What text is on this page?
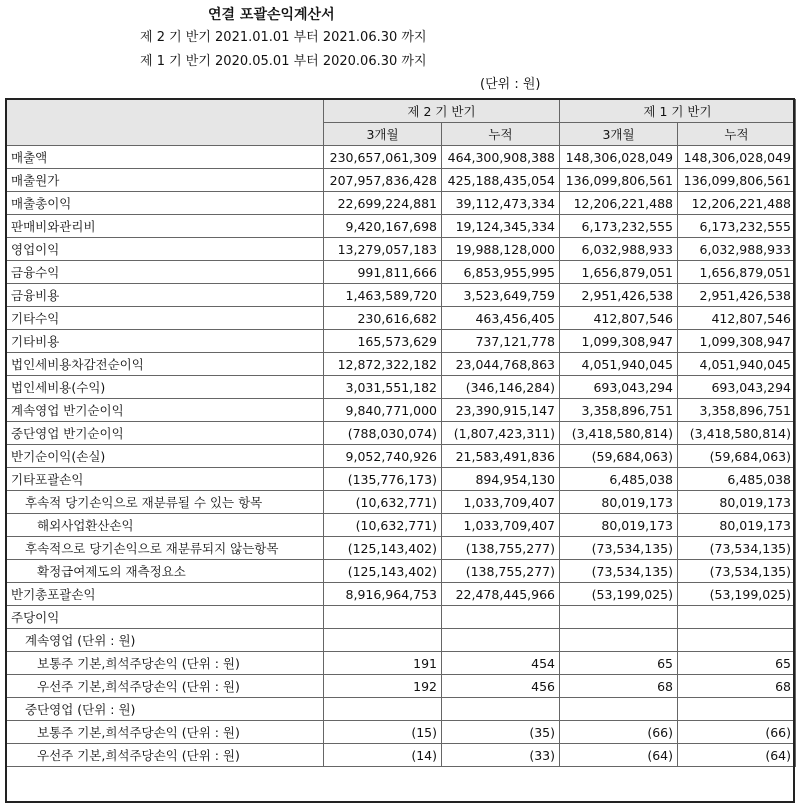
연결 포괄손익계산서
제 2 기 반기 2021.01.01 부터 2021.06.30 까지
제 1 기 반기 2020.05.01 부터 2020.06.30 까지
(단위 : 원)
	제 2 기 반기		제 1 기 반기	
	3개월	누적	3개월	누적
매출액	230,657,061,309	464,300,908,388	148,306,028,049	148,306,028,049
매출원가	207,957,836,428	425,188,435,054	136,099,806,561	136,099,806,561
매출총이익	22,699,224,881	39,112,473,334	12,206,221,488	12,206,221,488
판매비와관리비	9,420,167,698	19,124,345,334	6,173,232,555	6,173,232,555
영업이익	13,279,057,183	19,988,128,000	6,032,988,933	6,032,988,933
금융수익	991,811,666	6,853,955,995	1,656,879,051	1,656,879,051
금융비용	1,463,589,720	3,523,649,759	2,951,426,538	2,951,426,538
기타수익	230,616,682	463,456,405	412,807,546	412,807,546
기타비용	165,573,629	737,121,778	1,099,308,947	1,099,308,947
법인세비용차감전순이익	12,872,322,182	23,044,768,863	4,051,940,045	4,051,940,045
법인세비용(수익)	3,031,551,182	(346,146,284)	693,043,294	693,043,294
계속영업 반기순이익	9,840,771,000	23,390,915,147	3,358,896,751	3,358,896,751
중단영업 반기순이익	(788,030,074)	(1,807,423,311)	(3,418,580,814)	(3,418,580,814)
반기순이익(손실)	9,052,740,926	21,583,491,836	(59,684,063)	(59,684,063)
기타포괄손익	(135,776,173)	894,954,130	6,485,038	6,485,038
후속적 당기손익으로 재분류될 수 있는 항목	(10,632,771)	1,033,709,407	80,019,173	80,019,173
해외사업환산손익	(10,632,771)	1,033,709,407	80,019,173	80,019,173
후속적으로 당기손익으로 재분류되지 않는항목	(125,143,402)	(138,755,277)	(73,534,135)	(73,534,135)
확정급여제도의 재측정요소	(125,143,402)	(138,755,277)	(73,534,135)	(73,534,135)
반기총포괄손익	8,916,964,753	22,478,445,966	(53,199,025)	(53,199,025)
주당이익				
계속영업 (단위 : 원)				
보통주 기본,희석주당손익 (단위 : 원)	191	454	65	65
우선주 기본,희석주당손익 (단위 : 원)	192	456	68	68
중단영업 (단위 : 원)				
보통주 기본,희석주당손익 (단위 : 원)	(15)	(35)	(66)	(66)
우선주 기본,희석주당손익 (단위 : 원)	(14)	(33)	(64)	(64)
